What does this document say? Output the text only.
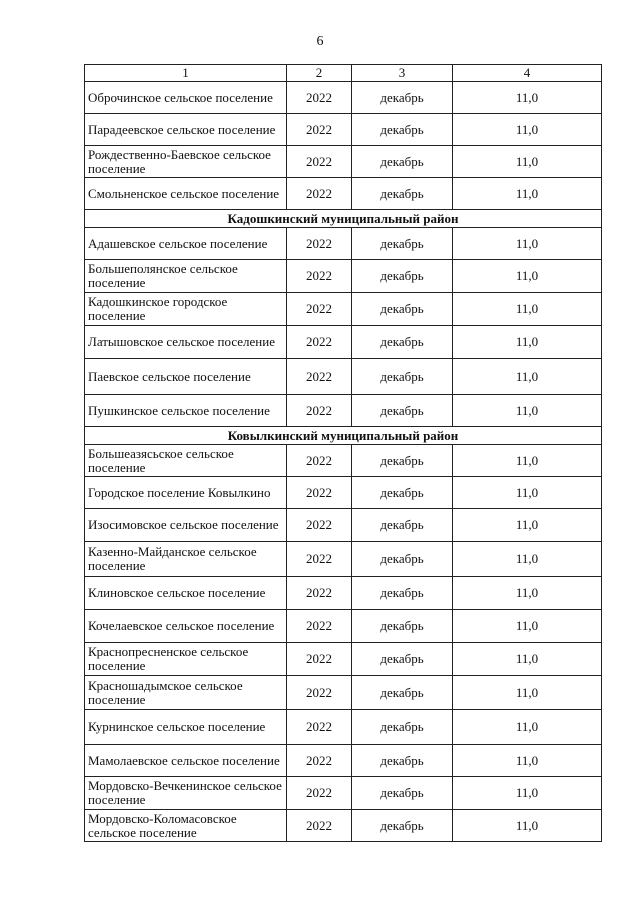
6
1	2	3	4
Оброчинское сельское поселение	2022	декабрь	11,0
Парадеевское сельское поселение	2022	декабрь	11,0
Рождественно-Баевское сельское поселение	2022	декабрь	11,0
Смольненское сельское поселение	2022	декабрь	11,0
Кадошкинский муниципальный район			
Адашевское сельское поселение	2022	декабрь	11,0
Большеполянское сельское поселение	2022	декабрь	11,0
Кадошкинское городское поселение	2022	декабрь	11,0
Латышовское сельское поселение	2022	декабрь	11,0
Паевское сельское поселение	2022	декабрь	11,0
Пушкинское сельское поселение	2022	декабрь	11,0
Ковылкинский муниципальный район			
Большеазясьское сельское поселение	2022	декабрь	11,0
Городское поселение Ковылкино	2022	декабрь	11,0
Изосимовское сельское поселение	2022	декабрь	11,0
Казенно-Майданское сельское поселение	2022	декабрь	11,0
Клиновское сельское поселение	2022	декабрь	11,0
Кочелаевское сельское поселение	2022	декабрь	11,0
Краснопресненское сельское поселение	2022	декабрь	11,0
Красношадымское сельское поселение	2022	декабрь	11,0
Курнинское сельское поселение	2022	декабрь	11,0
Мамолаевское сельское поселение	2022	декабрь	11,0
Мордовско-Вечкенинское сельское поселение	2022	декабрь	11,0
Мордовско-Коломасовское сельское поселение	2022	декабрь	11,0
